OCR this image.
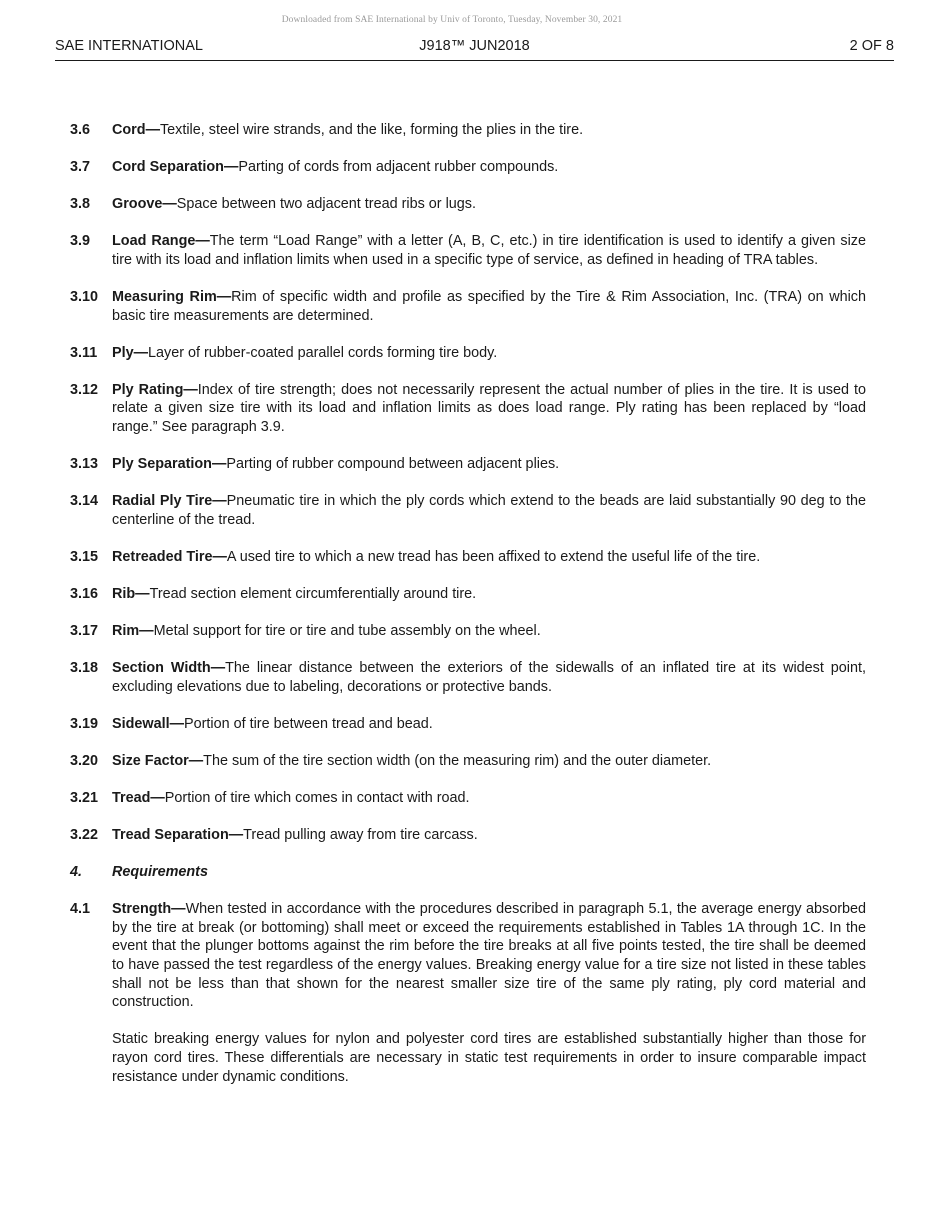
Downloaded from SAE International by Univ of Toronto, Tuesday, November 30, 2021
SAE INTERNATIONAL	J918™ JUN2018	2 OF 8
3.6 Cord—Textile, steel wire strands, and the like, forming the plies in the tire.

3.7 Cord Separation—Parting of cords from adjacent rubber compounds.

3.8 Groove—Space between two adjacent tread ribs or lugs.

3.9 Load Range—The term “Load Range” with a letter (A, B, C, etc.) in tire identification is used to identify a given size tire with its load and inflation limits when used in a specific type of service, as defined in heading of TRA tables.

3.10 Measuring Rim—Rim of specific width and profile as specified by the Tire & Rim Association, Inc. (TRA) on which basic tire measurements are determined.

3.11 Ply—Layer of rubber-coated parallel cords forming tire body.

3.12 Ply Rating—Index of tire strength; does not necessarily represent the actual number of plies in the tire. It is used to relate a given size tire with its load and inflation limits as does load range. Ply rating has been replaced by “load range.” See paragraph 3.9.

3.13 Ply Separation—Parting of rubber compound between adjacent plies.

3.14 Radial Ply Tire—Pneumatic tire in which the ply cords which extend to the beads are laid substantially 90 deg to the centerline of the tread.

3.15 Retreaded Tire—A used tire to which a new tread has been affixed to extend the useful life of the tire.

3.16 Rib—Tread section element circumferentially around tire.

3.17 Rim—Metal support for tire or tire and tube assembly on the wheel.

3.18 Section Width—The linear distance between the exteriors of the sidewalls of an inflated tire at its widest point, excluding elevations due to labeling, decorations or protective bands.

3.19 Sidewall—Portion of tire between tread and bead.

3.20 Size Factor—The sum of the tire section width (on the measuring rim) and the outer diameter.

3.21 Tread—Portion of tire which comes in contact with road.

3.22 Tread Separation—Tread pulling away from tire carcass.

4. Requirements

4.1 Strength—When tested in accordance with the procedures described in paragraph 5.1, the average energy absorbed by the tire at break (or bottoming) shall meet or exceed the requirements established in Tables 1A through 1C. In the event that the plunger bottoms against the rim before the tire breaks at all five points tested, the tire shall be deemed to have passed the test regardless of the energy values. Breaking energy value for a tire size not listed in these tables shall not be less than that shown for the nearest smaller size tire of the same ply rating, ply cord material and construction.

Static breaking energy values for nylon and polyester cord tires are established substantially higher than those for rayon cord tires. These differentials are necessary in static test requirements in order to insure comparable impact resistance under dynamic conditions.
